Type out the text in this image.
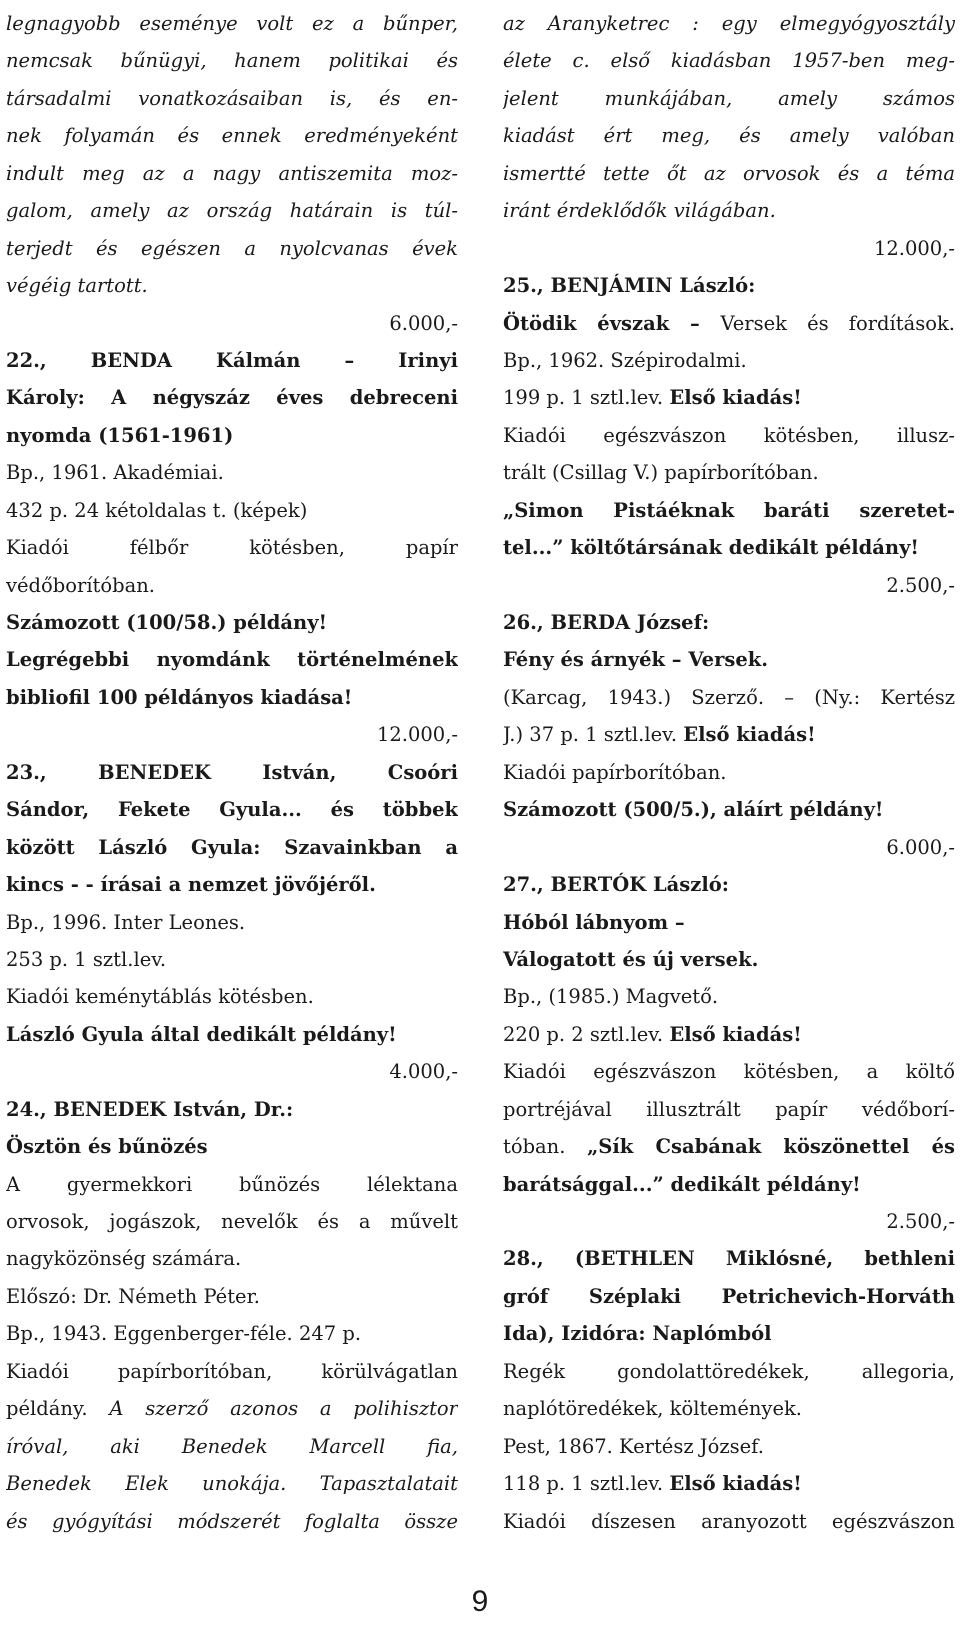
legnagyobb eseménye volt ez a bűnper,
nemcsak bűnügyi, hanem politikai és
társadalmi vonatkozásaiban is, és en-
nek folyamán és ennek eredményeként
indult meg az a nagy antiszemita moz-
galom, amely az ország határain is túl-
terjedt és egészen a nyolcvanas évek
végéig tartott.
6.000,-
22., BENDA Kálmán – Irinyi
Károly: A négyszáz éves debreceni
nyomda (1561-1961)
Bp., 1961. Akadémiai.
432 p. 24 kétoldalas t. (képek)
Kiadói félbőr kötésben, papír
védőborítóban.
Számozott (100/58.) példány!
Legrégebbi nyomdánk történelmének
bibliofil 100 példányos kiadása!
12.000,-
23., BENEDEK István, Csoóri
Sándor, Fekete Gyula... és többek
között László Gyula: Szavainkban a
kincs - - írásai a nemzet jövőjéről.
Bp., 1996. Inter Leones.
253 p. 1 sztl.lev.
Kiadói keménytáblás kötésben.
László Gyula által dedikált példány!
4.000,-
24., BENEDEK István, Dr.:
Ösztön és bűnözés
A gyermekkori bűnözés lélektana
orvosok, jogászok, nevelők és a művelt
nagyközönség számára.
Előszó: Dr. Németh Péter.
Bp., 1943. Eggenberger-féle. 247 p.
Kiadói papírborítóban, körülvágatlan
példány. A szerző azonos a polihisztor
íróval, aki Benedek Marcell fia,
Benedek Elek unokája. Tapasztalatait
és gyógyítási módszerét foglalta össze
az Aranyketrec : egy elmegyógyosztály
élete c. első kiadásban 1957-ben meg-
jelent munkájában, amely számos
kiadást ért meg, és amely valóban
ismertté tette őt az orvosok és a téma
iránt érdeklődők világában.
12.000,-
25., BENJÁMIN László:
Ötödik évszak – Versek és fordítások.
Bp., 1962. Szépirodalmi.
199 p. 1 sztl.lev. Első kiadás!
Kiadói egészvászon kötésben, illusz-
trált (Csillag V.) papírborítóban.
„Simon Pistáéknak baráti szeretet-
tel...” költőtársának dedikált példány!
2.500,-
26., BERDA József:
Fény és árnyék – Versek.
(Karcag, 1943.) Szerző. – (Ny.: Kertész
J.) 37 p. 1 sztl.lev. Első kiadás!
Kiadói papírborítóban.
Számozott (500/5.), aláírt példány!
6.000,-
27., BERTÓK László:
Hóból lábnyom –
Válogatott és új versek.
Bp., (1985.) Magvető.
220 p. 2 sztl.lev. Első kiadás!
Kiadói egészvászon kötésben, a költő
portréjával illusztrált papír védőborí-
tóban. „Sík Csabának köszönettel és
barátsággal...” dedikált példány!
2.500,-
28., (BETHLEN Miklósné, bethleni
gróf Széplaki Petrichevich-Horváth
Ida), Izidóra: Naplómból
Regék gondolattöredékek, allegoria,
naplótöredékek, költemények.
Pest, 1867. Kertész József.
118 p. 1 sztl.lev. Első kiadás!
Kiadói díszesen aranyozott egészvászon
9
